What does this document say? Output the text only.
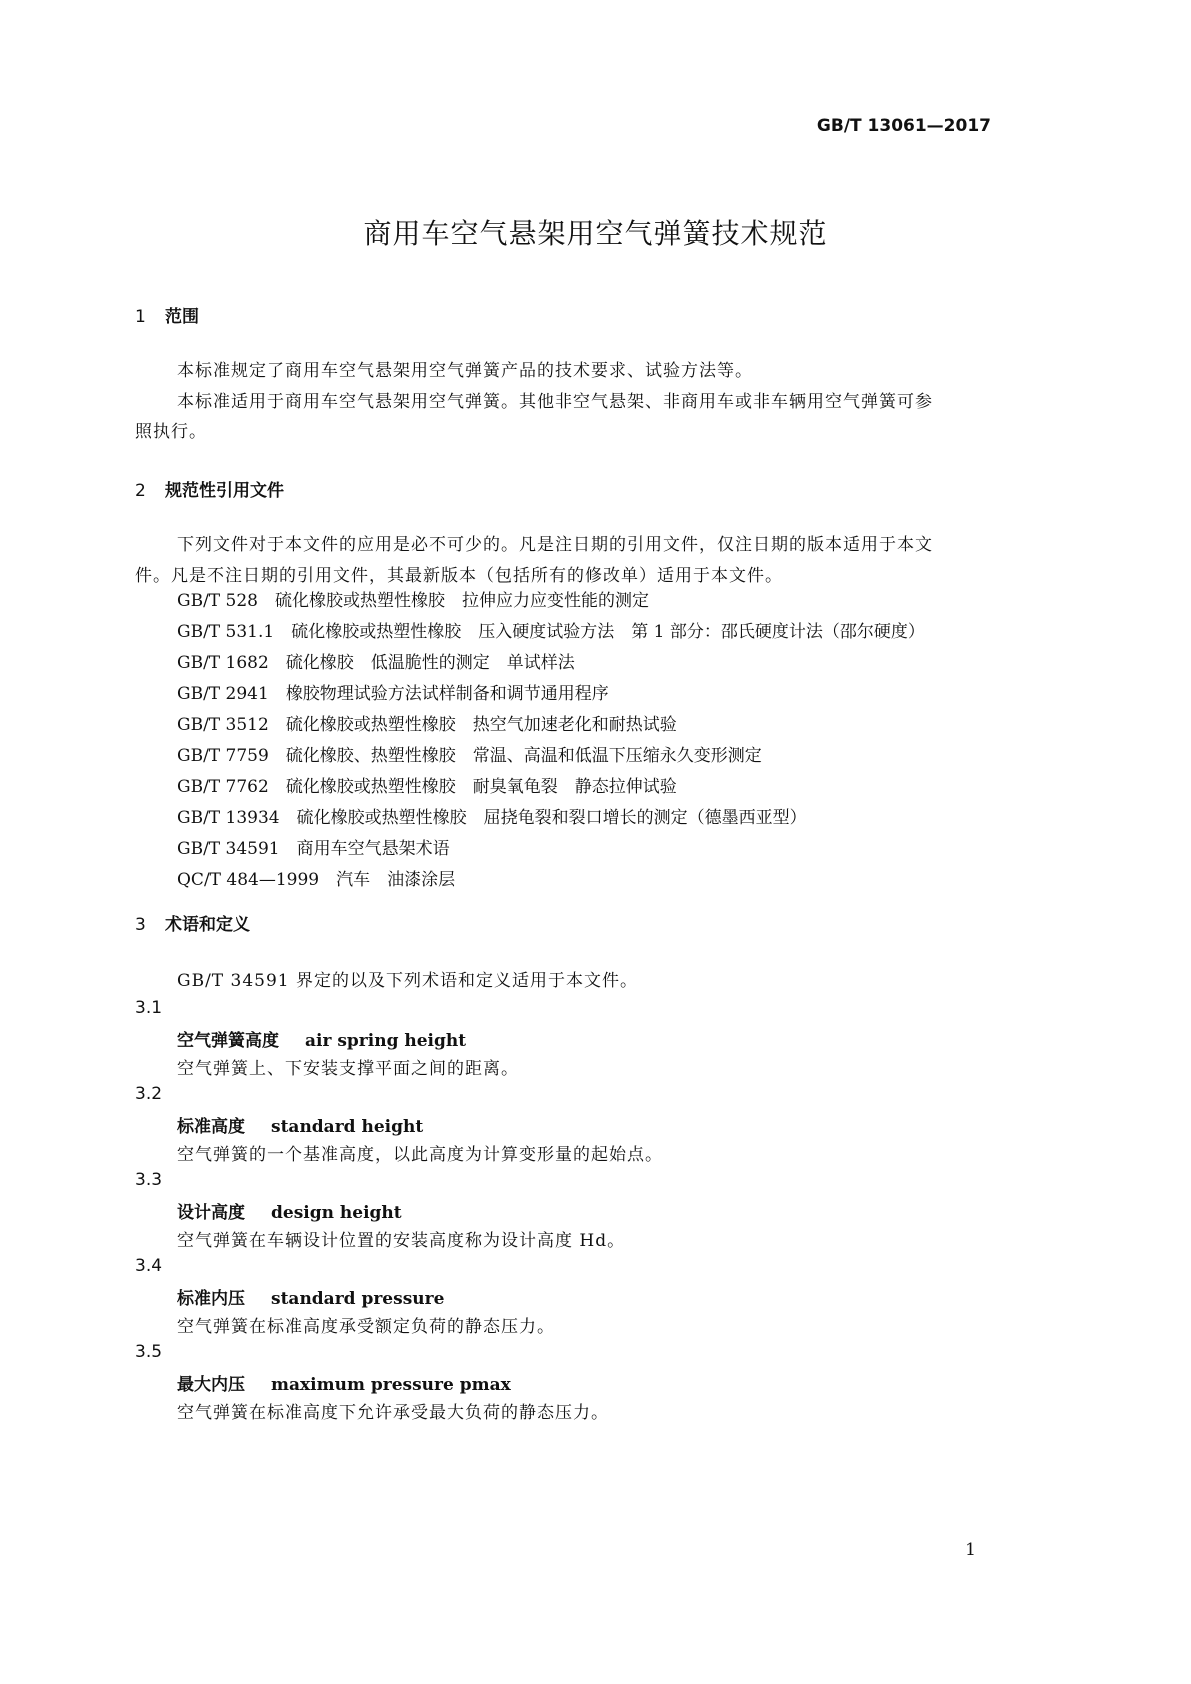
GB/T 13061—2017
商用车空气悬架用空气弹簧技术规范
1 范围
本标准规定了商用车空气悬架用空气弹簧产品的技术要求、试验方法等。
本标准适用于商用车空气悬架用空气弹簧。其他非空气悬架、非商用车或非车辆用空气弹簧可参
照执行。
2 规范性引用文件
下列文件对于本文件的应用是必不可少的。凡是注日期的引用文件，仅注日期的版本适用于本文
件。凡是不注日期的引用文件，其最新版本（包括所有的修改单）适用于本文件。
GB/T 528　 硫化橡胶或热塑性橡胶　拉伸应力应变性能的测定
GB/T 531.1　 硫化橡胶或热塑性橡胶　压入硬度试验方法　第 1 部分：邵氏硬度计法（邵尔硬度）
GB/T 1682　 硫化橡胶　低温脆性的测定　单试样法
GB/T 2941　 橡胶物理试验方法试样制备和调节通用程序
GB/T 3512　 硫化橡胶或热塑性橡胶　热空气加速老化和耐热试验
GB/T 7759　 硫化橡胶、热塑性橡胶　常温、高温和低温下压缩永久变形测定
GB/T 7762　 硫化橡胶或热塑性橡胶　耐臭氧龟裂　静态拉伸试验
GB/T 13934　 硫化橡胶或热塑性橡胶　屈挠龟裂和裂口增长的测定（德墨西亚型）
GB/T 34591　 商用车空气悬架术语
QC/T 484—1999　 汽车　油漆涂层
3 术语和定义
GB/T 34591 界定的以及下列术语和定义适用于本文件。
3.1
空气弹簧高度 air spring height
空气弹簧上、下安装支撑平面之间的距离。
3.2
标准高度 standard height
空气弹簧的一个基准高度，以此高度为计算变形量的起始点。
3.3
设计高度 design height
空气弹簧在车辆设计位置的安装高度称为设计高度 Hd。
3.4
标准内压 standard pressure
空气弹簧在标准高度承受额定负荷的静态压力。
3.5
最大内压 maximum pressure pmax
空气弹簧在标准高度下允许承受最大负荷的静态压力。
1
